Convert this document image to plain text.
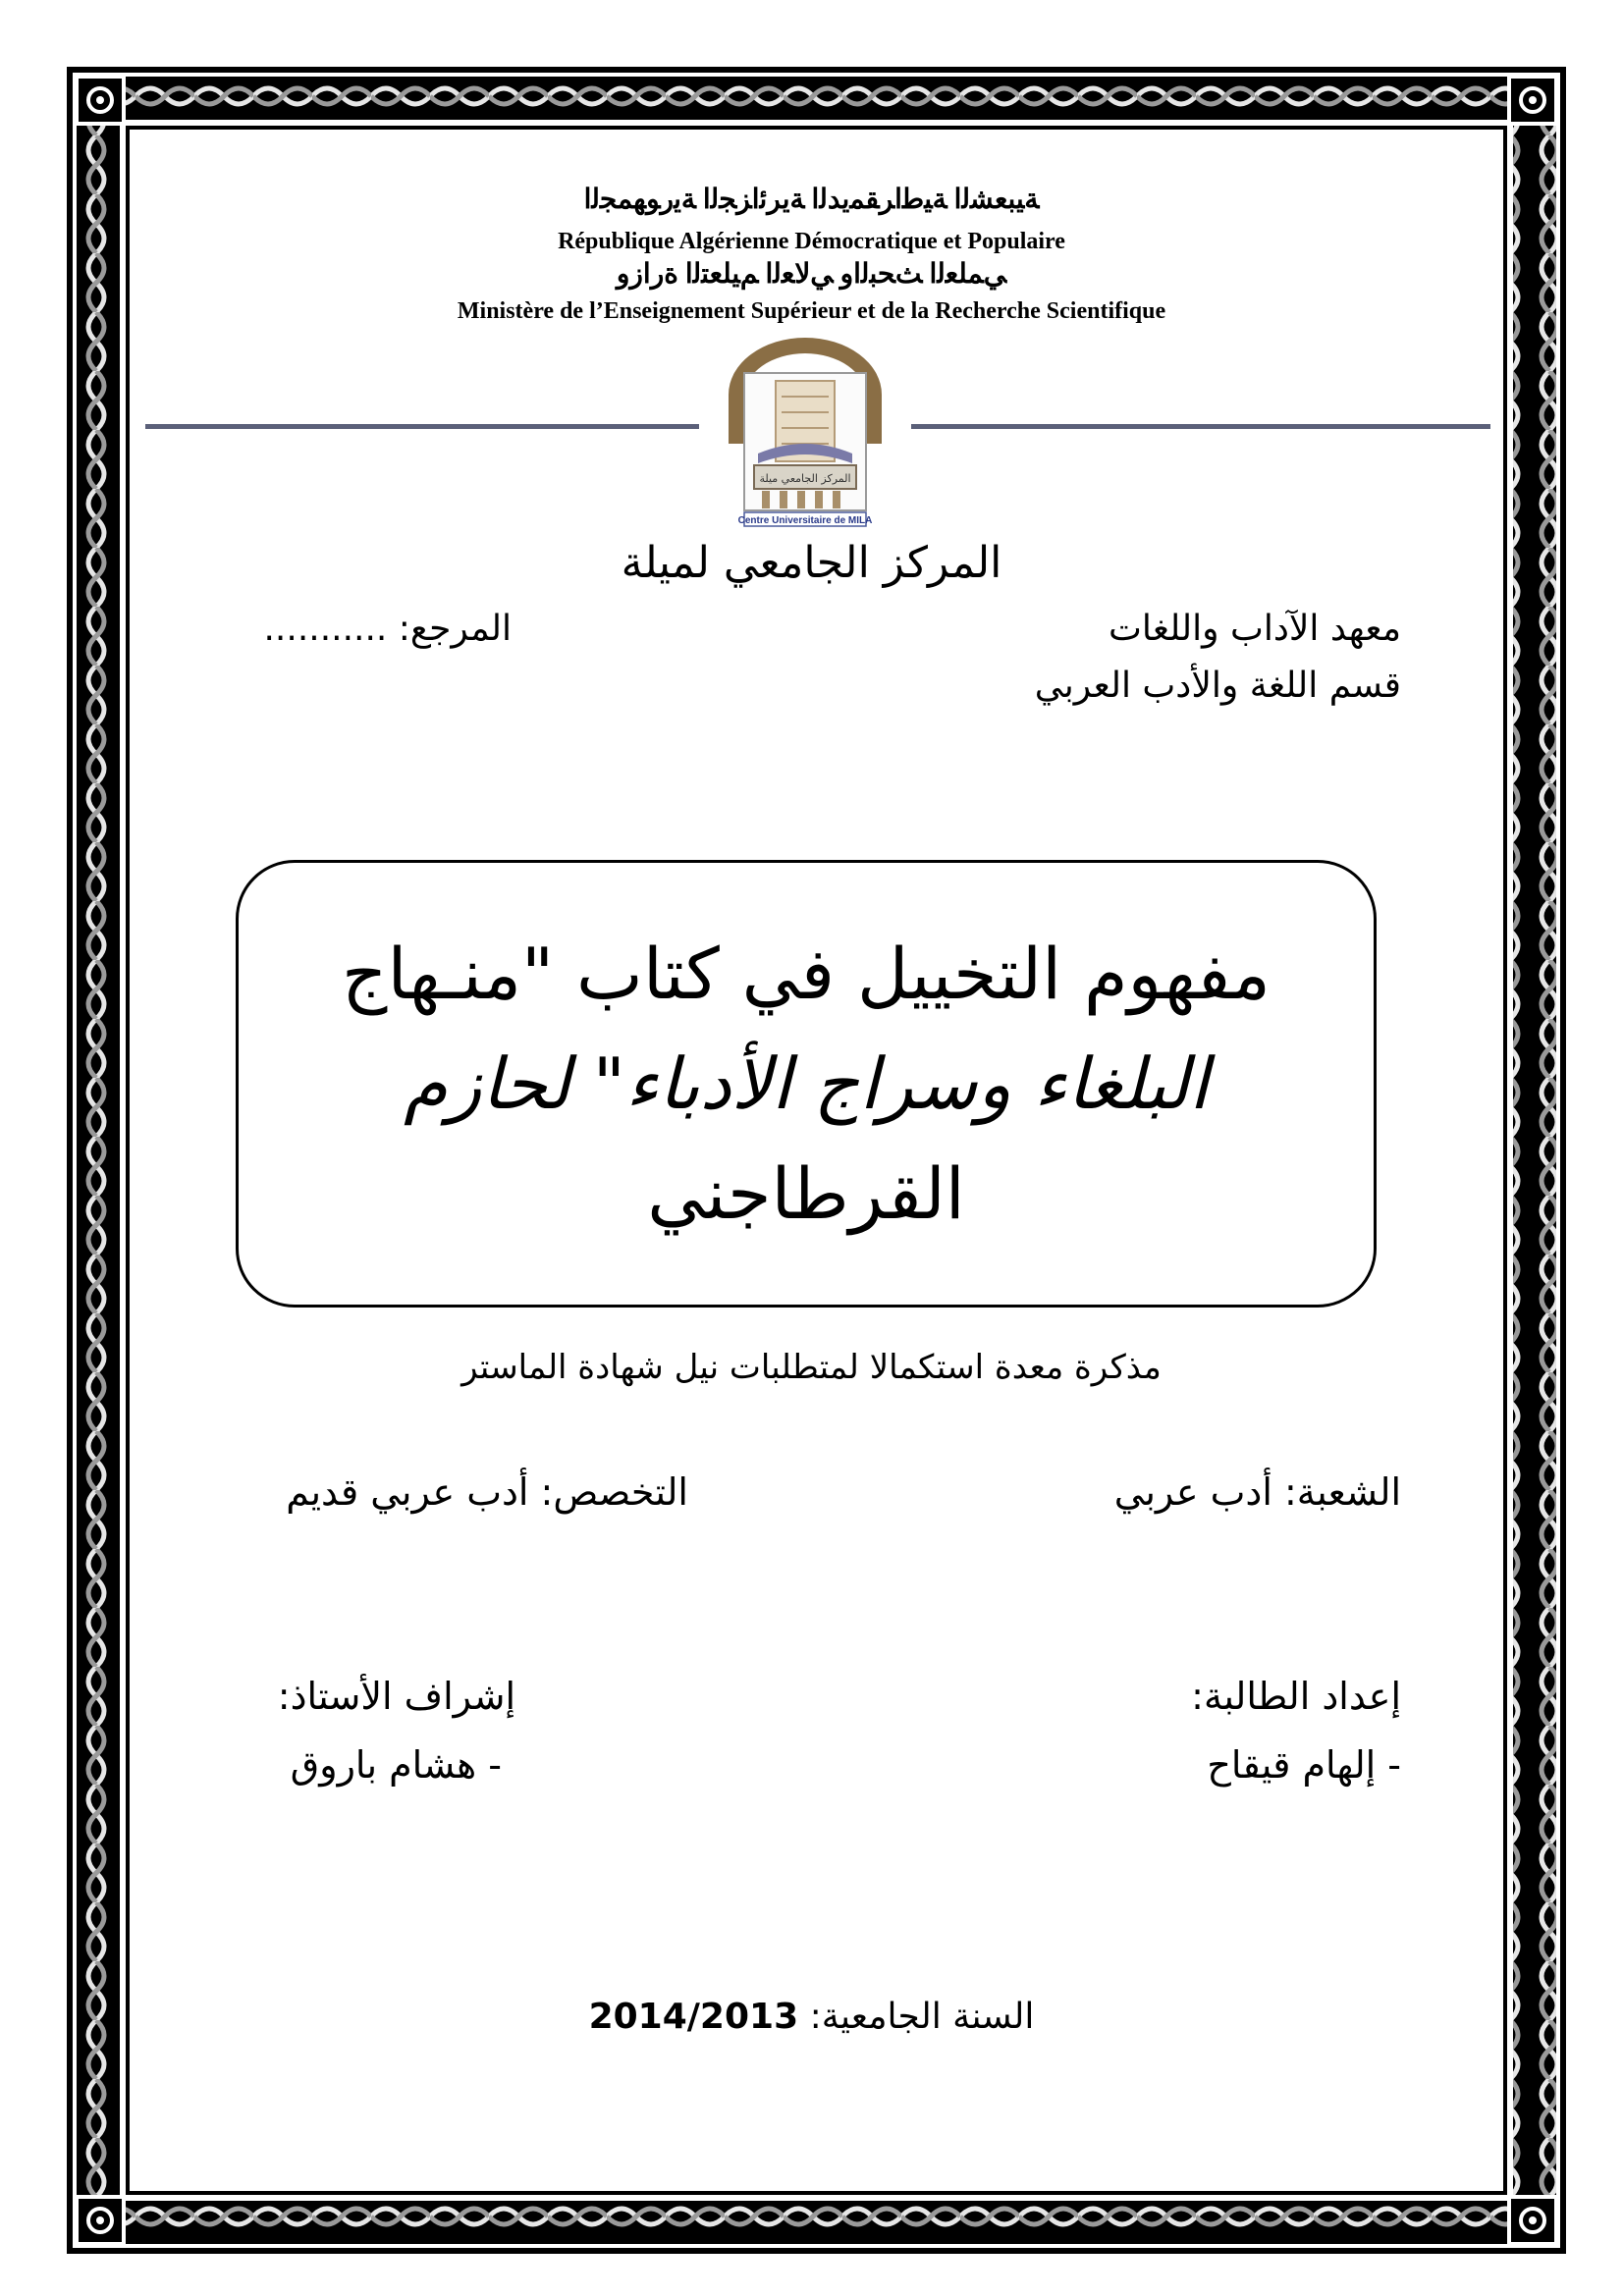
ﺔﻴﺒﻌﺸﻟا ﺔﻴﻃاﺮﻘﻤﻳﺪﻟا ﺔﻳﺮﺋاﺰﺠﻟا ﺔﻳرﻮﻬﻤﺠﻟا
République Algérienne Démocratique et Populaire
ﻲﻤﻠﻌﻟا ﺚﺤﺒﻟاو ﻲﻟﺎﻌﻟا ﻢﻴﻠﻌﺘﻟا ةرازو
Ministère de l’Enseignement Supérieur et de la Recherche Scientifique
المركز الجامعي ميلة
Centre Universitaire de MILA
المركز الجامعي لميلة
معهد الآداب واللغات
المرجع: ...........
قسم اللغة والأدب العربي
مفهوم التخييل في كتاب "منـهاج
البلغاء وسراج الأدباء" لحازم
القرطاجني
مذكرة معدة استكمالا لمتطلبات نيل شهادة الماستر
الشعبة: أدب عربي
التخصص: أدب عربي قديم
إعداد الطالبة:
إشراف الأستاذ:
- إلهام قيقاح
- هشام باروق
السنة الجامعية: 2014/2013
